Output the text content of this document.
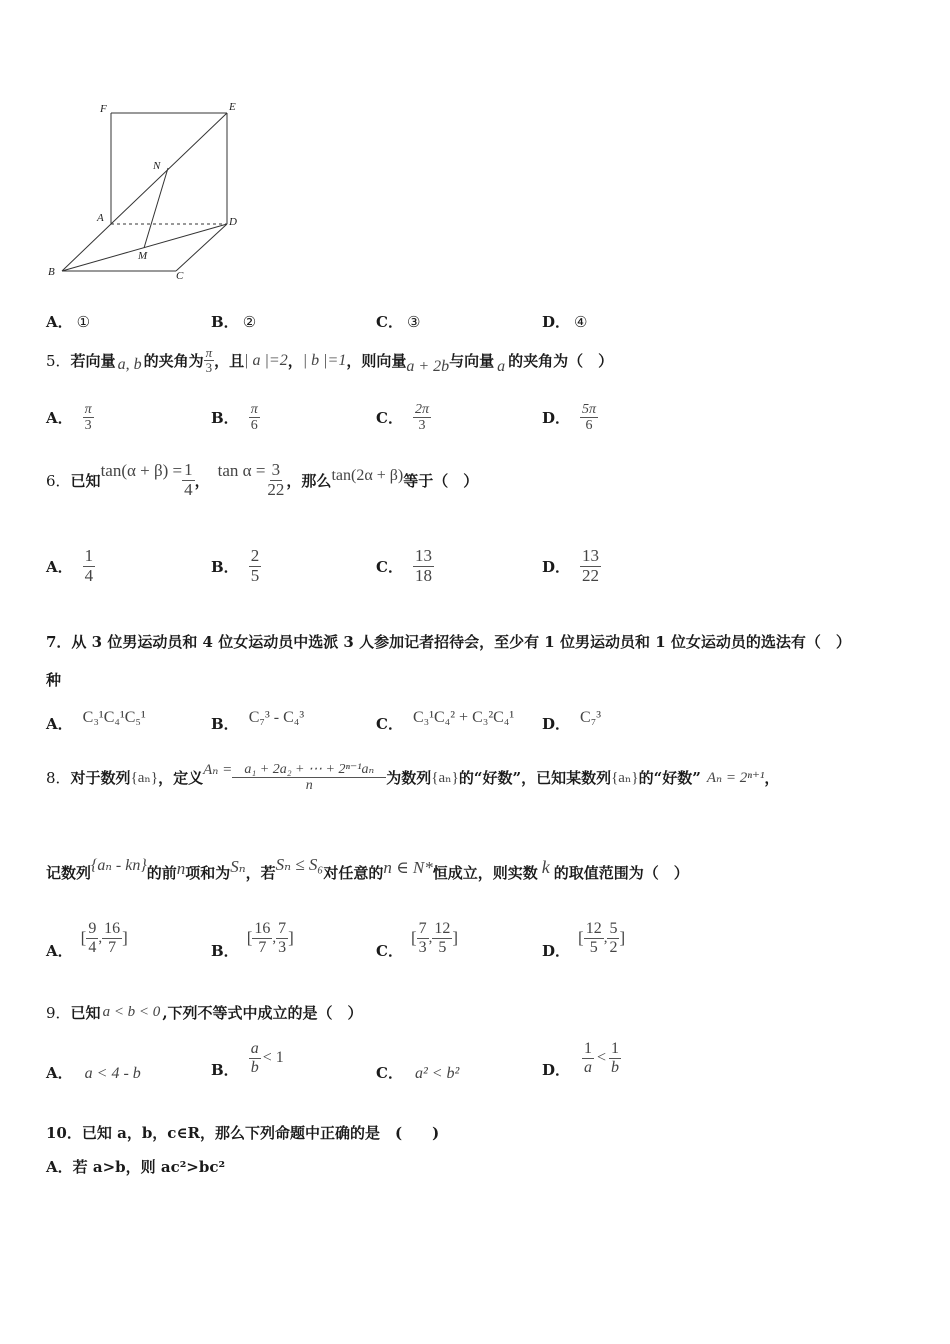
F	E
N
A	D
B
M
C
A． ①	B． ②	C． ③	D． ④
5． 若向量 a, b 的夹角为 $\frac{\pi}{3}$ ，且 | a |=2 ， | b |=1 ，则向量 a + 2b 与向量 a 的夹角为（　）
A． $\frac{\pi}{3}$	B． $\frac{\pi}{6}$	C． $\frac{2\pi}{3}$	D． $\frac{5\pi}{6}$
6． 已知
$\tan(\alpha + \beta) = \frac{1}{4}$ ，
$\tan \alpha = \frac{3}{22}$ ，那么 tan(2α + β) 等于（　）
A． $\frac{1}{4}$	B． $\frac{2}{5}$	C． $\frac{13}{18}$	D． $\frac{13}{22}$
7．从 3 位男运动员和 4 位女运动员中选派 3 人参加记者招待会，至少有 1 位男运动员和 1 位女运动员的选法有（　）
种
A． C₃¹C₄¹C₅¹	B． C₇³ - C₄³	C． C₃¹C₄² + C₃²C₄¹ D． C₇³
8． 对于数列 {aₙ} ，定义 $A_n = \frac{\text{a₁ + 2a₂ + ⋯ + 2ⁿ⁻¹aₙ}}{n}$ 为数列 {aₙ} 的“好数”，已知某数列 {aₙ} 的“好数” Aₙ = 2ⁿ⁺¹ ，
记数列 {aₙ - kn} 的前 n 项和为 Sₙ ，若 Sₙ ≤ S₆ 对任意的 n ∈ N* 恒成立，则实数 k 的取值范围为（　）
A．
[ $\frac{9}{4}$ , $\frac{16}{7}$ ]
B．
[ $\frac{16}{7}$ , $\frac{7}{3}$ ]
C．
[ $\frac{7}{3}$ , $\frac{12}{5}$ ]
D．
[ $\frac{12}{5}$ , $\frac{5}{2}$ ]
9． 已知 a < b < 0 ,下列不等式中成立的是（　）
A． a < 4 - b	B． $\frac{a}{b} < 1$
C． a² < b²	D． $\frac{1}{a} < \frac{1}{b}$
10．已知 a，b，c∈R，那么下列命题中正确的是　(　　)
A．若 a>b，则 ac²>bc²
